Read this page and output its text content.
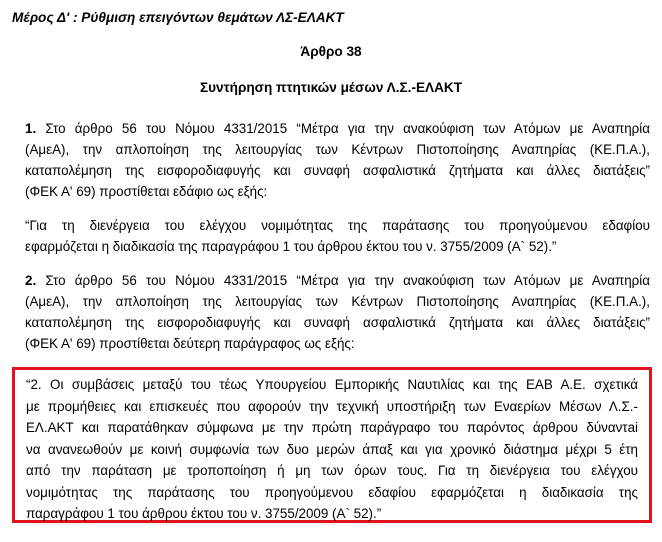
Μέρος Δ' : Ρύθμιση επειγόντων θεμάτων ΛΣ-ΕΛΑΚΤ
Άρθρο 38
Συντήρηση πτητικών μέσων Λ.Σ.-ΕΛΑΚΤ
1. Στο άρθρο 56 του Νόμου 4331/2015 “Μέτρα για την ανακούφιση των Ατόμων με Αναπηρία
(ΑμεΑ), την απλοποίηση της λειτουργίας των Κέντρων Πιστοποίησης Αναπηρίας (ΚΕ.Π.Α.),
καταπολέμηση της εισφοροδιαφυγής και συναφή ασφαλιστικά ζητήματα και άλλες διατάξεις”
(ΦΕΚ Α' 69) προστίθεται εδάφιο ως εξής:
“Για τη διενέργεια του ελέγχου νομιμότητας της παράτασης του προηγούμενου εδαφίου
εφαρμόζεται η διαδικασία της παραγράφου 1 του άρθρου έκτου του ν. 3755/2009 (Α` 52).”
2. Στο άρθρο 56 του Νόμου 4331/2015 “Μέτρα για την ανακούφιση των Ατόμων με Αναπηρία
(ΑμεΑ), την απλοποίηση της λειτουργίας των Κέντρων Πιστοποίησης Αναπηρίας (ΚΕ.Π.Α.),
καταπολέμηση της εισφοροδιαφυγής και συναφή ασφαλιστικά ζητήματα και άλλες διατάξεις”
(ΦΕΚ Α' 69) προστίθεται δεύτερη παράγραφος ως εξής:
“2. Οι συμβάσεις μεταξύ του τέως Υπουργείου Εμπορικής Ναυτιλίας και της ΕΑΒ Α.Ε. σχετικά
με προμήθειες και επισκευές που αφορούν την τεχνική υποστήριξη των Εναερίων Μέσων Λ.Σ.-
ΕΛ.ΑΚΤ και παρατάθηκαν σύμφωνα με την πρώτη παράγραφο του παρόντος άρθρου δύναντai
να ανανεωθούν με κοινή συμφωνία των δυο μερών άπαξ και για χρονικό διάστημα μέχρι 5 έτη
από την παράταση με τροποποίηση ή μη των όρων τους. Για τη διενέργεια του ελέγχου
νομιμότητας της παράτασης του προηγούμενου εδαφίου εφαρμόζεται η διαδικασία της
παραγράφου 1 του άρθρου έκτου του ν. 3755/2009 (Α` 52).”
